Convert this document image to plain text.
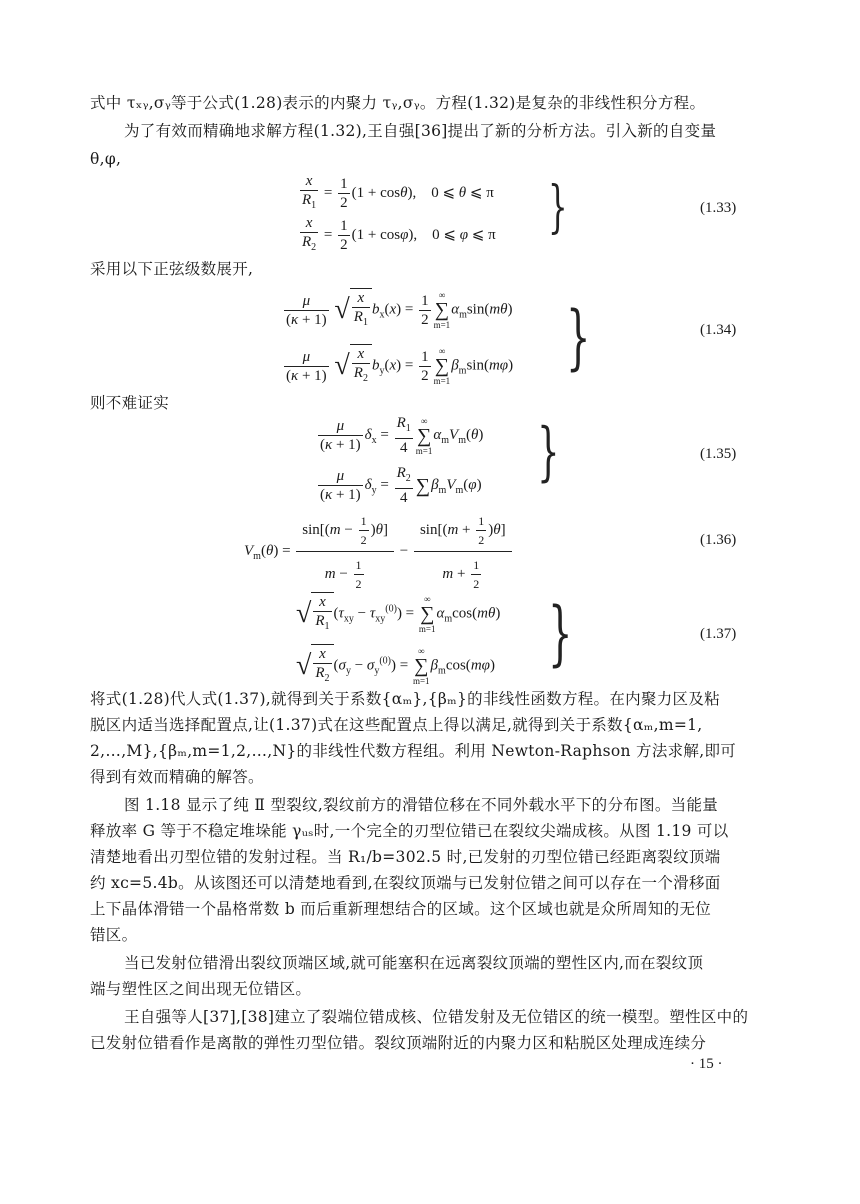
式中 τₓᵧ,σᵧ等于公式(1.28)表示的内聚力 τᵧ,σᵧ。方程(1.32)是复杂的非线性积分方程。
为了有效而精确地求解方程(1.32),王自强[36]提出了新的分析方法。引入新的自变量
θ,φ,
$\frac{x}{R_1} = \frac{1}{2} (1 + \cos\theta)$,    0 ⩽ θ ⩽ π
$\frac{x}{R_2} = \frac{1}{2} (1 + \cos\varphi)$,    0 ⩽ φ ⩽ π }	(1.33)
采用以下正弦级数展开,
$\frac{\mu}{(\kappa + 1)}$ √ $\frac{x}{R_1} b_x(x) = \frac{1}{2}$ ∞
∑
$m=1\alpha_m\sin(m\theta)$
$\frac{\mu}{(\kappa + 1)}$ √ $\frac{x}{R_2} b_y(x) = \frac{1}{2}$ ∞
∑
$m=1\beta_m\sin(m\varphi)$ }	(1.34)
则不难证实
$\frac{\mu}{(\kappa + 1)} \delta_x = \frac{R_1}{4}$ ∞
∑
$m=1\alpha_mV_m(\theta)$
$\frac{\mu}{(\kappa + 1)} \delta_y = \frac{R_2}{4}$ ∑ $\beta_mV_m(\varphi)$ }	(1.35)
$V_m(\theta) = \frac{\sin[(m - \frac{1}{2} )\theta]}{m - \frac{1}{2}} - \frac{\sin[(m + \frac{1}{2} )\theta]}{m + \frac{1}{2}}$	(1.36)
√ $\frac{x}{R_1} (\tau_{xy} - \tau_{xy}^{(0)})$ = ∞
∑
$m=1\alpha_m\cos(m\theta)$
√ $\frac{x}{R_2} (\sigma_y - \sigma_y^{(0)})$ = ∞
∑
$m=1\beta_m\cos(m\varphi)$ }	(1.37)
将式(1.28)代人式(1.37),就得到关于系数{αₘ},{βₘ}的非线性函数方程。在内聚力区及粘
脱区内适当选择配置点,让(1.37)式在这些配置点上得以满足,就得到关于系数{αₘ,m=1,
2,…,M},{βₘ,m=1,2,…,N}的非线性代数方程组。利用 Newton-Raphson 方法求解,即可
得到有效而精确的解答。
图 1.18 显示了纯 Ⅱ 型裂纹,裂纹前方的滑错位移在不同外载水平下的分布图。当能量
释放率 G 等于不稳定堆垛能 γᵤₛ时,一个完全的刃型位错已在裂纹尖端成核。从图 1.19 可以
清楚地看出刃型位错的发射过程。当 R₁/b=302.5 时,已发射的刃型位错已经距离裂纹顶端
约 xᴄ=5.4b。从该图还可以清楚地看到,在裂纹顶端与已发射位错之间可以存在一个滑移面
上下晶体滑错一个晶格常数 b 而后重新理想结合的区域。这个区域也就是众所周知的无位
错区。
当已发射位错滑出裂纹顶端区域,就可能塞积在远离裂纹顶端的塑性区内,而在裂纹顶
端与塑性区之间出现无位错区。
王自强等人[37],[38]建立了裂端位错成核、位错发射及无位错区的统一模型。塑性区中的
已发射位错看作是离散的弹性刃型位错。裂纹顶端附近的内聚力区和粘脱区处理成连续分
· 15 ·
